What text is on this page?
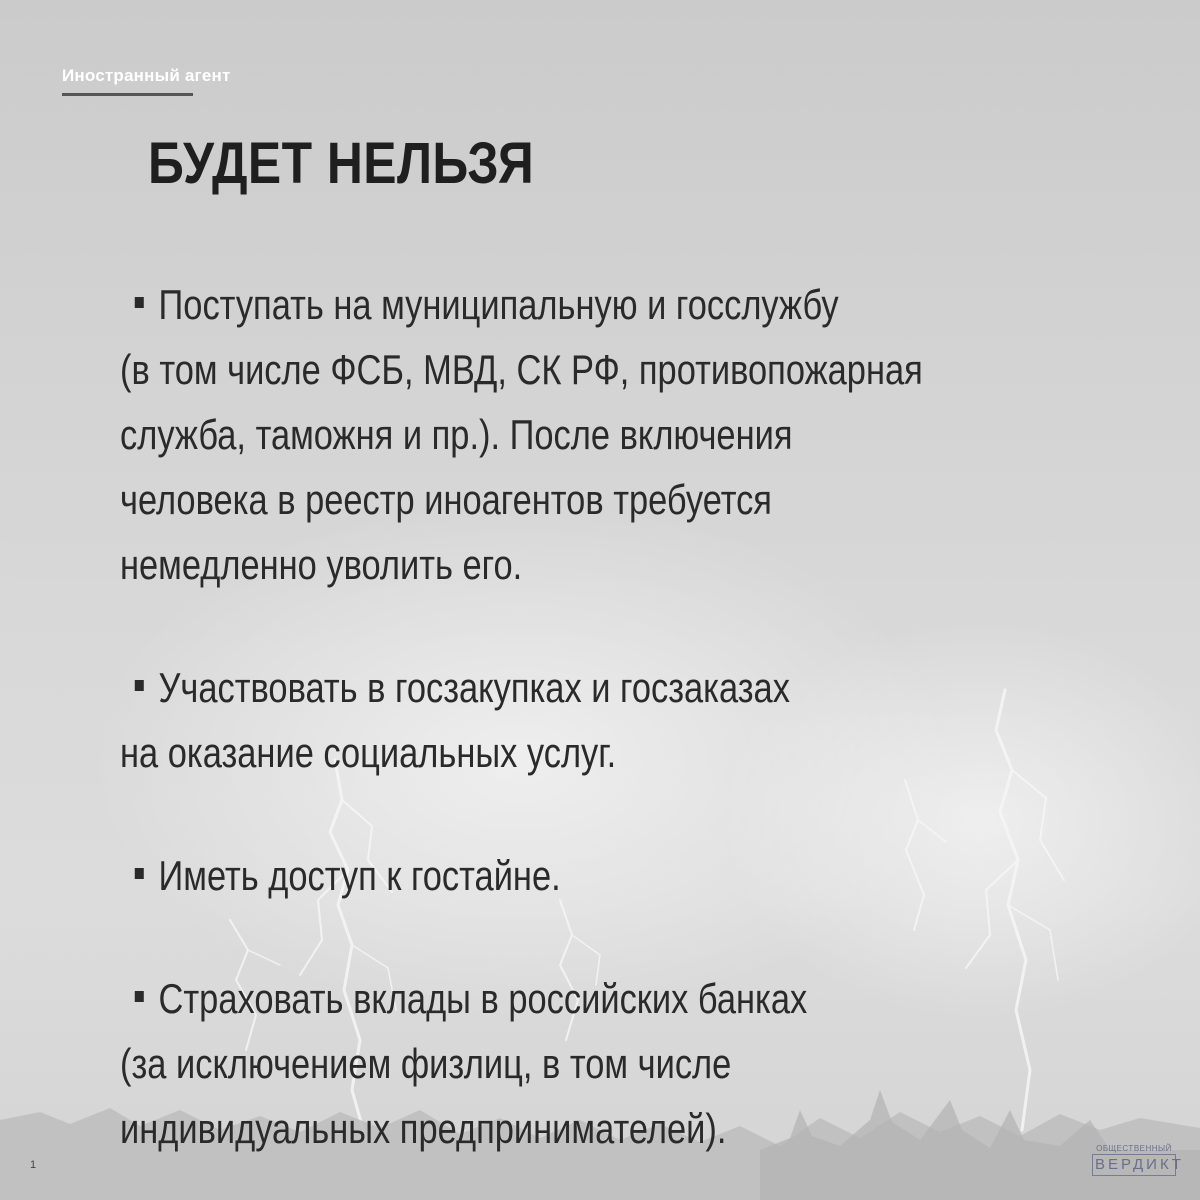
Иностранный агент
БУДЕТ НЕЛЬЗЯ
Поступать на муниципальную и госслужбу
(в том числе ФСБ, МВД, СК РФ, противопожарная
служба, таможня и пр.). После включения
человека в реестр иноагентов требуется
немедленно уволить его.
Участвовать в госзакупках и госзаказах
на оказание социальных услуг.
Иметь доступ к гостайне.
Страховать вклады в российских банках
(за исключением физлиц, в том числе
индивидуальных предпринимателей).
1
ОБЩЕСТВЕННЫЙ
ВЕРДИКТ
